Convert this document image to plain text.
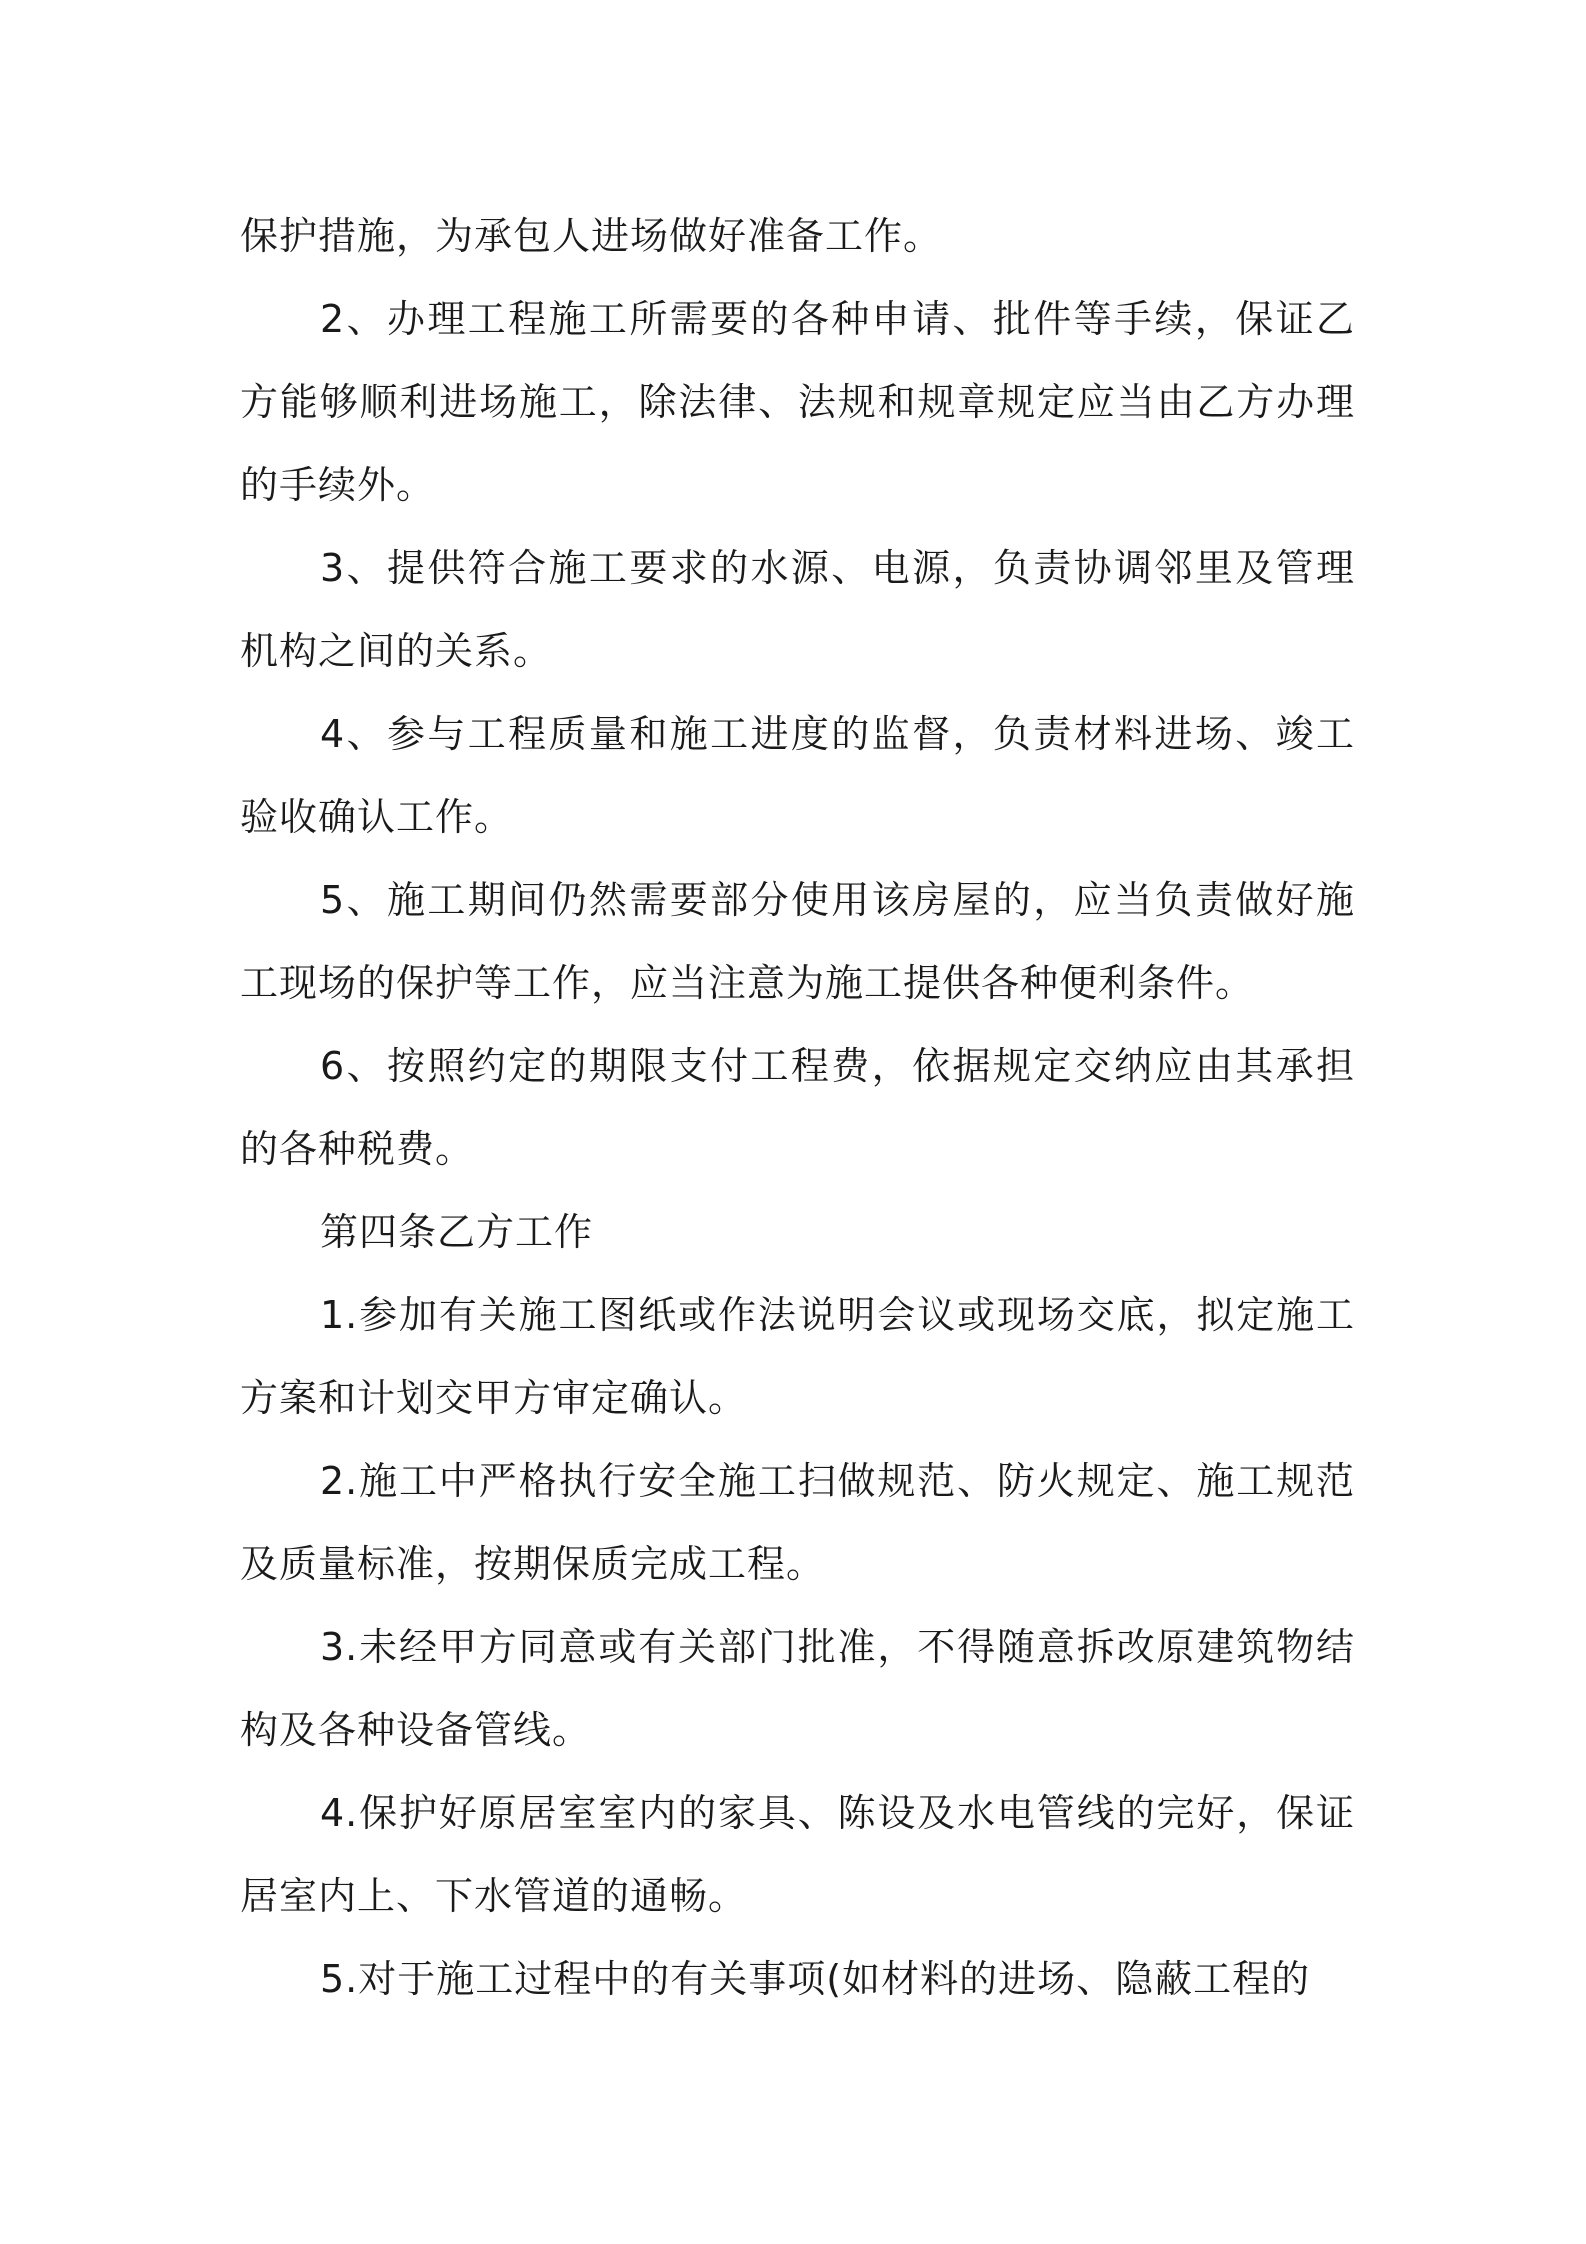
保护措施，为承包人进场做好准备工作。

2、办理工程施工所需要的各种申请、批件等手续，保证乙方能够顺利进场施工，除法律、法规和规章规定应当由乙方办理的手续外。

3、提供符合施工要求的水源、电源，负责协调邻里及管理机构之间的关系。

4、参与工程质量和施工进度的监督，负责材料进场、竣工验收确认工作。

5、施工期间仍然需要部分使用该房屋的，应当负责做好施工现场的保护等工作，应当注意为施工提供各种便利条件。

6、按照约定的期限支付工程费，依据规定交纳应由其承担的各种税费。

第四条乙方工作

1.参加有关施工图纸或作法说明会议或现场交底，拟定施工方案和计划交甲方审定确认。

2.施工中严格执行安全施工扫做规范、防火规定、施工规范及质量标准，按期保质完成工程。

3.未经甲方同意或有关部门批准，不得随意拆改原建筑物结构及各种设备管线。

4.保护好原居室室内的家具、陈设及水电管线的完好，保证居室内上、下水管道的通畅。

5.对于施工过程中的有关事项(如材料的进场、隐蔽工程的
